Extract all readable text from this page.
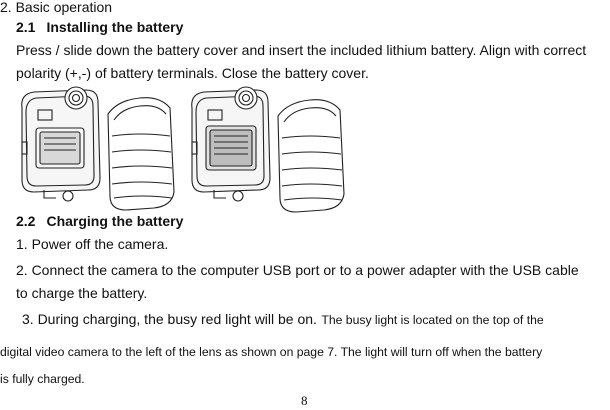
2. Basic operation
2.1 Installing the battery
Press / slide down the battery cover and insert the included lithium battery. Align with correct
polarity (+,-) of battery terminals. Close the battery cover.
2.2 Charging the battery
1. Power off the camera.
2. Connect the camera to the computer USB port or to a power adapter with the USB cable
to charge the battery.
3. During charging, the busy red light will be on. The busy light is located on the top of the
digital video camera to the left of the lens as shown on page 7. The light will turn off when the battery
is fully charged.
8
